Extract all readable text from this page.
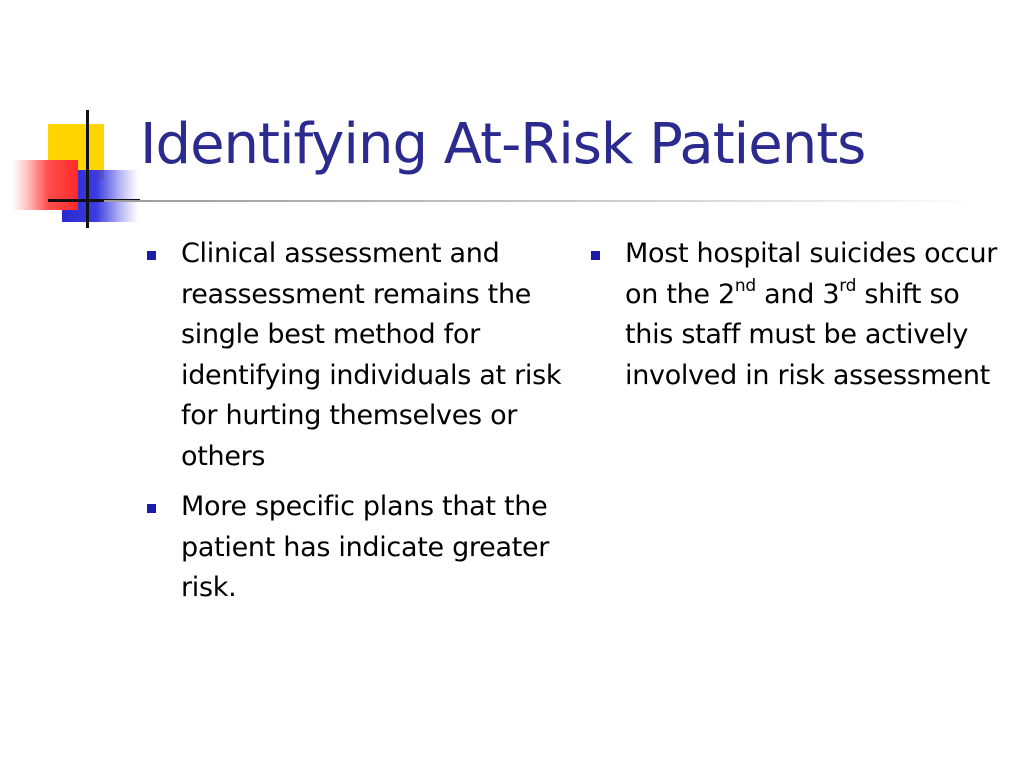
Identifying At-Risk Patients
Clinical assessment and reassessment remains the single best method for identifying individuals at risk for hurting themselves or others
More specific plans that the patient has indicate greater risk.
Most hospital suicides occur on the 2nd and 3rd shift so this staff must be actively involved in risk assessment
